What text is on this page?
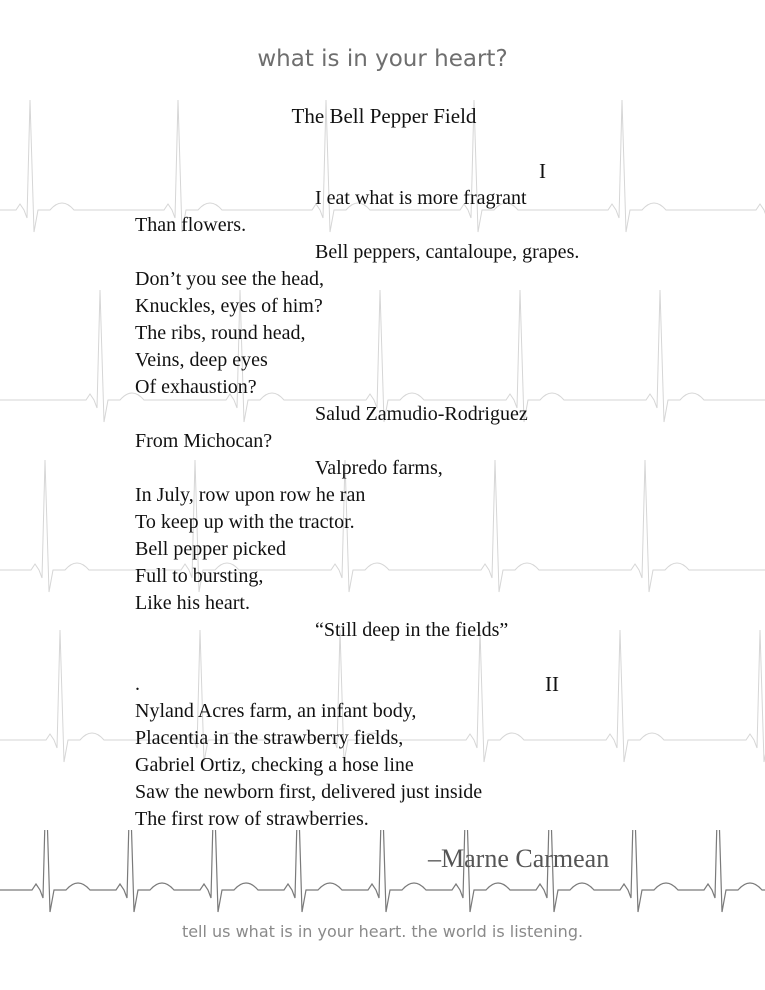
what is in your heart?
The Bell Pepper Field
I
I eat what is more fragrant
Than flowers.
Bell peppers, cantaloupe, grapes.
Don’t you see the head,
Knuckles, eyes of him?
The ribs, round head,
Veins, deep eyes
Of exhaustion?
Salud Zamudio-Rodriguez
From Michocan?
Valpredo farms,
In July, row upon row he ran
To keep up with the tractor.
Bell pepper picked
Full to bursting,
Like his heart.
“Still deep in the fields”
.	II
Nyland Acres farm, an infant body,
Placentia in the strawberry fields,
Gabriel Ortiz, checking a hose line
Saw the newborn first, delivered just inside
The first row of strawberries.
–Marne Carmean
tell us what is in your heart. the world is listening.
